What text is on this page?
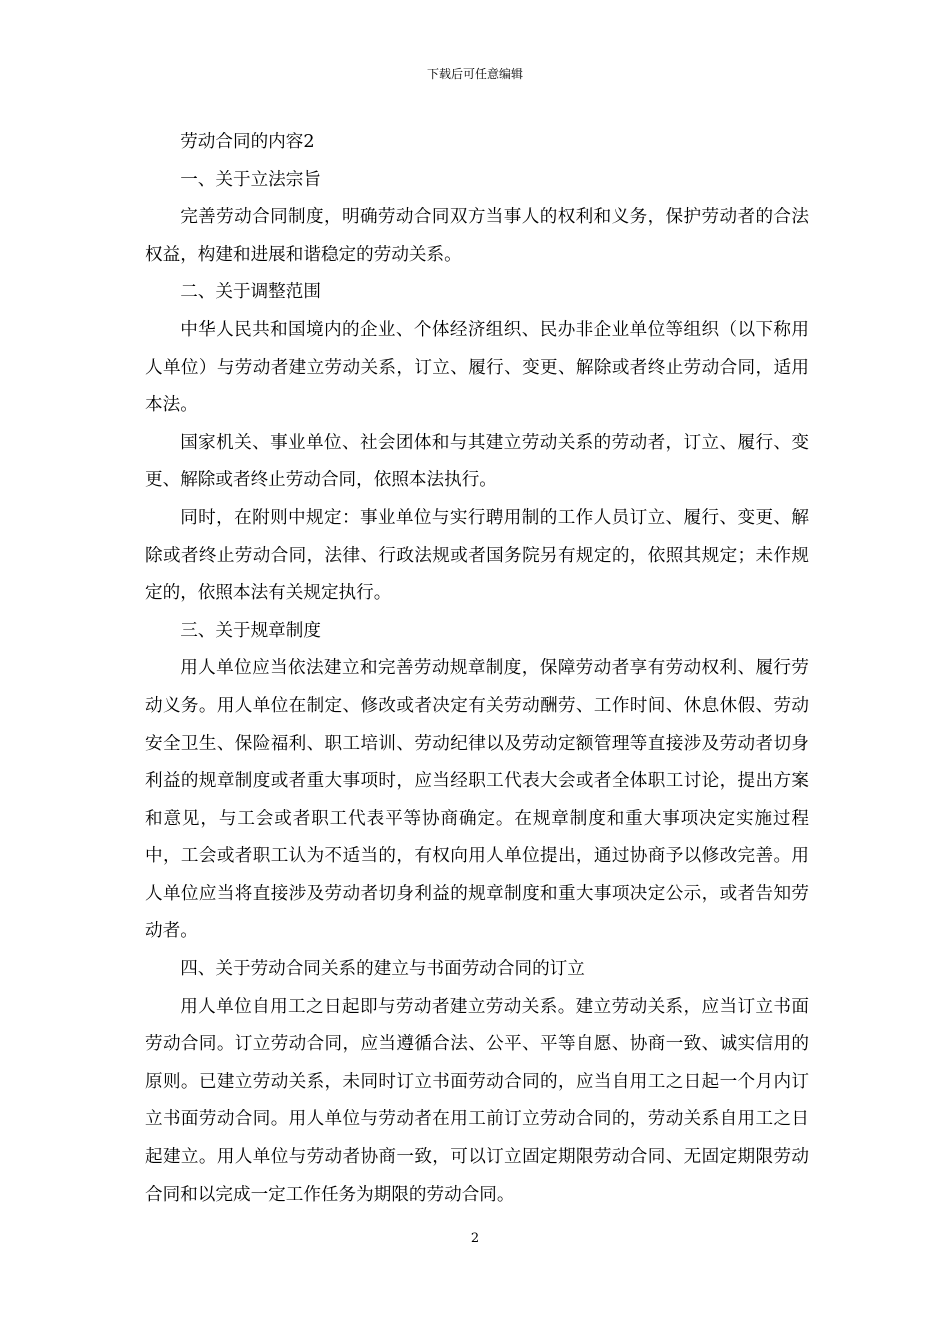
下载后可任意编辑

劳动合同的内容2

一、关于立法宗旨

完善劳动合同制度，明确劳动合同双方当事人的权利和义务，保护劳动者的合法权益，构建和进展和谐稳定的劳动关系。

二、关于调整范围

中华人民共和国境内的企业、个体经济组织、民办非企业单位等组织（以下称用人单位）与劳动者建立劳动关系，订立、履行、变更、解除或者终止劳动合同，适用本法。

国家机关、事业单位、社会团体和与其建立劳动关系的劳动者，订立、履行、变更、解除或者终止劳动合同，依照本法执行。

同时，在附则中规定：事业单位与实行聘用制的工作人员订立、履行、变更、解除或者终止劳动合同，法律、行政法规或者国务院另有规定的，依照其规定；未作规定的，依照本法有关规定执行。

三、关于规章制度

用人单位应当依法建立和完善劳动规章制度，保障劳动者享有劳动权利、履行劳动义务。用人单位在制定、修改或者决定有关劳动酬劳、工作时间、休息休假、劳动安全卫生、保险福利、职工培训、劳动纪律以及劳动定额管理等直接涉及劳动者切身利益的规章制度或者重大事项时，应当经职工代表大会或者全体职工讨论，提出方案和意见，与工会或者职工代表平等协商确定。在规章制度和重大事项决定实施过程中，工会或者职工认为不适当的，有权向用人单位提出，通过协商予以修改完善。用人单位应当将直接涉及劳动者切身利益的规章制度和重大事项决定公示，或者告知劳动者。

四、关于劳动合同关系的建立与书面劳动合同的订立

用人单位自用工之日起即与劳动者建立劳动关系。建立劳动关系，应当订立书面劳动合同。订立劳动合同，应当遵循合法、公平、平等自愿、协商一致、诚实信用的原则。已建立劳动关系，未同时订立书面劳动合同的，应当自用工之日起一个月内订立书面劳动合同。用人单位与劳动者在用工前订立劳动合同的，劳动关系自用工之日起建立。用人单位与劳动者协商一致，可以订立固定期限劳动合同、无固定期限劳动合同和以完成一定工作任务为期限的劳动合同。

2
